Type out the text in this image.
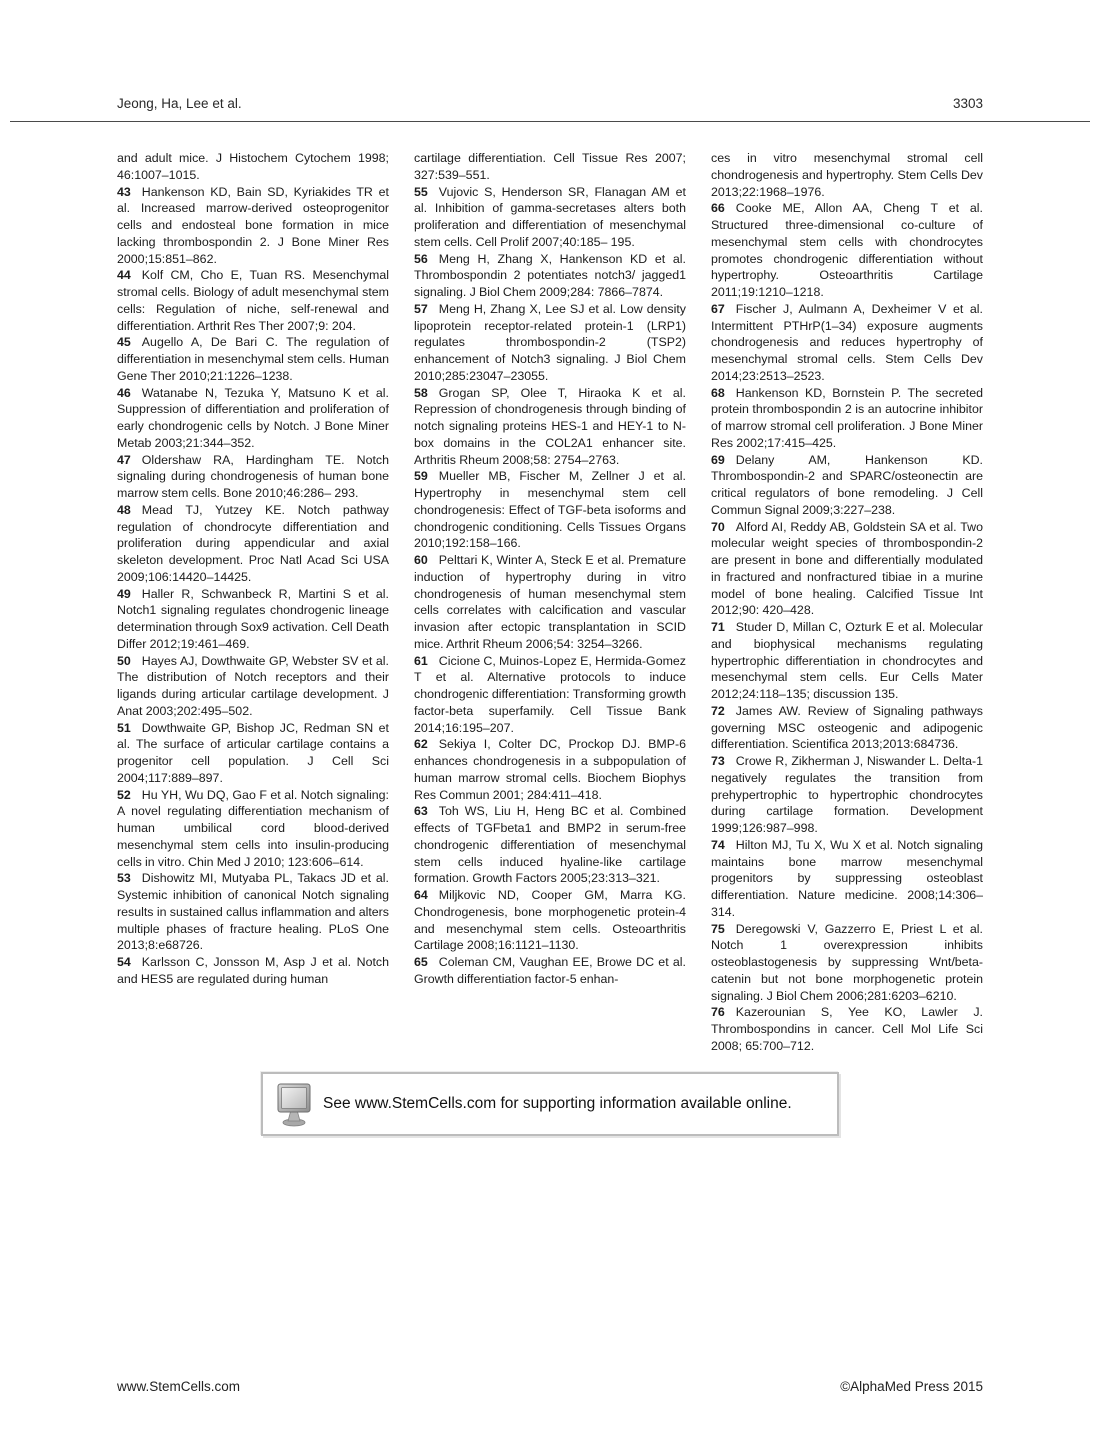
Jeong, Ha, Lee et al.	3303

and adult mice. J Histochem Cytochem 1998; 46:1007–1015.

43 Hankenson KD, Bain SD, Kyriakides TR et al. Increased marrow-derived osteoprogenitor cells and endosteal bone formation in mice lacking thrombospondin 2. J Bone Miner Res 2000;15:851–862.

44 Kolf CM, Cho E, Tuan RS. Mesenchymal stromal cells. Biology of adult mesenchymal stem cells: Regulation of niche, self-renewal and differentiation. Arthrit Res Ther 2007;9: 204.

45 Augello A, De Bari C. The regulation of differentiation in mesenchymal stem cells. Human Gene Ther 2010;21:1226–1238.

46 Watanabe N, Tezuka Y, Matsuno K et al. Suppression of differentiation and proliferation of early chondrogenic cells by Notch. J Bone Miner Metab 2003;21:344–352.

47 Oldershaw RA, Hardingham TE. Notch signaling during chondrogenesis of human bone marrow stem cells. Bone 2010;46:286– 293.

48 Mead TJ, Yutzey KE. Notch pathway regulation of chondrocyte differentiation and proliferation during appendicular and axial skeleton development. Proc Natl Acad Sci USA 2009;106:14420–14425.

49 Haller R, Schwanbeck R, Martini S et al. Notch1 signaling regulates chondrogenic lineage determination through Sox9 activation. Cell Death Differ 2012;19:461–469.

50 Hayes AJ, Dowthwaite GP, Webster SV et al. The distribution of Notch receptors and their ligands during articular cartilage development. J Anat 2003;202:495–502.

51 Dowthwaite GP, Bishop JC, Redman SN et al. The surface of articular cartilage contains a progenitor cell population. J Cell Sci 2004;117:889–897.

52 Hu YH, Wu DQ, Gao F et al. Notch signaling: A novel regulating differentiation mechanism of human umbilical cord blood-derived mesenchymal stem cells into insulin-producing cells in vitro. Chin Med J 2010; 123:606–614.

53 Dishowitz MI, Mutyaba PL, Takacs JD et al. Systemic inhibition of canonical Notch signaling results in sustained callus inflammation and alters multiple phases of fracture healing. PLoS One 2013;8:e68726.

54 Karlsson C, Jonsson M, Asp J et al. Notch and HES5 are regulated during human

cartilage differentiation. Cell Tissue Res 2007; 327:539–551.

55 Vujovic S, Henderson SR, Flanagan AM et al. Inhibition of gamma-secretases alters both proliferation and differentiation of mesenchymal stem cells. Cell Prolif 2007;40:185– 195.

56 Meng H, Zhang X, Hankenson KD et al. Thrombospondin 2 potentiates notch3/ jagged1 signaling. J Biol Chem 2009;284: 7866–7874.

57 Meng H, Zhang X, Lee SJ et al. Low density lipoprotein receptor-related protein-1 (LRP1) regulates thrombospondin-2 (TSP2) enhancement of Notch3 signaling. J Biol Chem 2010;285:23047–23055.

58 Grogan SP, Olee T, Hiraoka K et al. Repression of chondrogenesis through binding of notch signaling proteins HES-1 and HEY-1 to N-box domains in the COL2A1 enhancer site. Arthritis Rheum 2008;58: 2754–2763.

59 Mueller MB, Fischer M, Zellner J et al. Hypertrophy in mesenchymal stem cell chondrogenesis: Effect of TGF-beta isoforms and chondrogenic conditioning. Cells Tissues Organs 2010;192:158–166.

60 Pelttari K, Winter A, Steck E et al. Premature induction of hypertrophy during in vitro chondrogenesis of human mesenchymal stem cells correlates with calcification and vascular invasion after ectopic transplantation in SCID mice. Arthrit Rheum 2006;54: 3254–3266.

61 Cicione C, Muinos-Lopez E, Hermida-Gomez T et al. Alternative protocols to induce chondrogenic differentiation: Transforming growth factor-beta superfamily. Cell Tissue Bank 2014;16:195–207.

62 Sekiya I, Colter DC, Prockop DJ. BMP-6 enhances chondrogenesis in a subpopulation of human marrow stromal cells. Biochem Biophys Res Commun 2001; 284:411–418.

63 Toh WS, Liu H, Heng BC et al. Combined effects of TGFbeta1 and BMP2 in serum-free chondrogenic differentiation of mesenchymal stem cells induced hyaline-like cartilage formation. Growth Factors 2005;23:313–321.

64 Miljkovic ND, Cooper GM, Marra KG. Chondrogenesis, bone morphogenetic protein-4 and mesenchymal stem cells. Osteoarthritis Cartilage 2008;16:1121–1130.

65 Coleman CM, Vaughan EE, Browe DC et al. Growth differentiation factor-5 enhan-

ces in vitro mesenchymal stromal cell chondrogenesis and hypertrophy. Stem Cells Dev 2013;22:1968–1976.

66 Cooke ME, Allon AA, Cheng T et al. Structured three-dimensional co-culture of mesenchymal stem cells with chondrocytes promotes chondrogenic differentiation without hypertrophy. Osteoarthritis Cartilage 2011;19:1210–1218.

67 Fischer J, Aulmann A, Dexheimer V et al. Intermittent PTHrP(1–34) exposure augments chondrogenesis and reduces hypertrophy of mesenchymal stromal cells. Stem Cells Dev 2014;23:2513–2523.

68 Hankenson KD, Bornstein P. The secreted protein thrombospondin 2 is an autocrine inhibitor of marrow stromal cell proliferation. J Bone Miner Res 2002;17:415–425.

69 Delany AM, Hankenson KD. Thrombospondin-2 and SPARC/osteonectin are critical regulators of bone remodeling. J Cell Commun Signal 2009;3:227–238.

70 Alford AI, Reddy AB, Goldstein SA et al. Two molecular weight species of thrombospondin-2 are present in bone and differentially modulated in fractured and nonfractured tibiae in a murine model of bone healing. Calcified Tissue Int 2012;90: 420–428.

71 Studer D, Millan C, Ozturk E et al. Molecular and biophysical mechanisms regulating hypertrophic differentiation in chondrocytes and mesenchymal stem cells. Eur Cells Mater 2012;24:118–135; discussion 135.

72 James AW. Review of Signaling pathways governing MSC osteogenic and adipogenic differentiation. Scientifica 2013;2013:684736.

73 Crowe R, Zikherman J, Niswander L. Delta-1 negatively regulates the transition from prehypertrophic to hypertrophic chondrocytes during cartilage formation. Development 1999;126:987–998.

74 Hilton MJ, Tu X, Wu X et al. Notch signaling maintains bone marrow mesenchymal progenitors by suppressing osteoblast differentiation. Nature medicine. 2008;14:306–314.

75 Deregowski V, Gazzerro E, Priest L et al. Notch 1 overexpression inhibits osteoblastogenesis by suppressing Wnt/beta-catenin but not bone morphogenetic protein signaling. J Biol Chem 2006;281:6203–6210.

76 Kazerounian S, Yee KO, Lawler J. Thrombospondins in cancer. Cell Mol Life Sci 2008; 65:700–712.

See www.StemCells.com for supporting information available online.
www.StemCells.com	©AlphaMed Press 2015
